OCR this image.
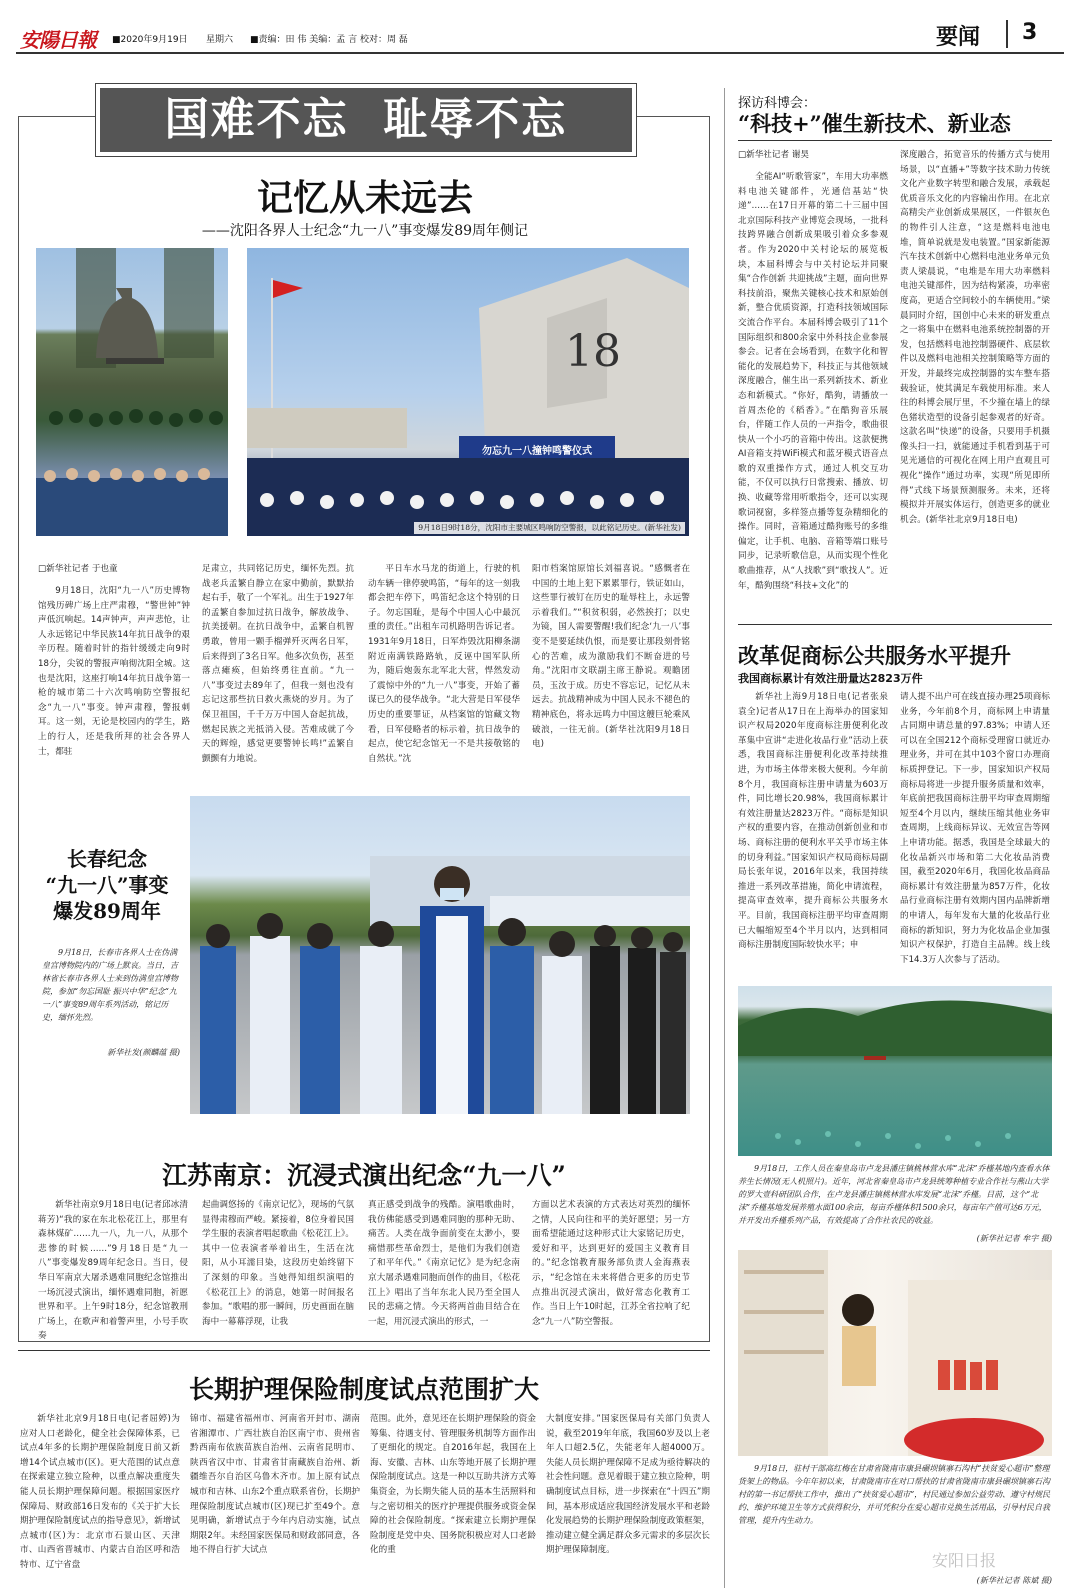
安陽日報 ■2020年9月19日 星期六 ■责编：田 伟 美编：孟 言 校对：周 磊	要闻 3
国难不忘  耻辱不忘
记忆从未远去
——沈阳各界人士纪念“九一八”事变爆发89周年侧记
18
勿忘九一八撞钟鸣警仪式
9月18日9时18分，沈阳市主要城区鸣响防空警报，以此铭记历史。(新华社发)
□新华社记者 于也童
9月18日，沈阳“九一八”历史博物馆残历碑广场上庄严肃穆，“警世钟”钟声低沉响起。14声钟声，声声悲怆，让人永远铭记中华民族14年抗日战争的艰辛历程。随着时针的指针缓缓走向9时18分，尖锐的警报声响彻沈阳全城。这也是沈阳，这座打响14年抗日战争第一枪的城市第二十六次鸣响防空警报纪念“九一八”事变。钟声肃穆，警报刺耳。这一刻，无论是校园内的学生，路上的行人，还是我所拜的社会各界人士，都驻
足肃立，共同铭记历史，缅怀先烈。抗战老兵孟繁自静立在家中勤前，默默抬起右手，敬了一个军礼。出生于1927年的孟繁自参加过抗日战争，解放战争、抗美援朝。在抗日战争中，孟繁自机智勇敢，曾用一颗手榴弹歼灭两名日军，后来得到了3名日军。他多次负伤，甚至落点瘫痪，但始终勇往直前。“九一八”事变过去89年了，但我一刻也没有忘记这那些抗日救火燕烧的岁月。为了保卫祖国，千千万万中国人奋起抗战，燃起民族之光抵消入侵。苦难成就了今天的辉煌，感觉更要警钟长鸣!”孟繁自颤颤有力地说。
平日车水马龙的街道上，行驶的机动车辆一律停驶鸣笛，“每年的这一刻我都会把车停下，鸣笛纪念这个特别的日子。勿忘国耻，是每个中国人心中最沉重的责任。”出租车司机路明告诉记者。1931年9月18日，日军炸毁沈阳柳条湖附近南满铁路路轨，反诬中国军队所为，随后炮轰东北军北大营，悍然发动了震惊中外的“九一八”事变，开始了蓄谋已久的侵华战争。“北大营是日军侵华历史的重要罪证，从档案馆的馆藏文物看，日军侵略者的标示着，抗日战争的起点，使它纪念馆无一不是共接敬铭的自然状。”沈
阳市档案馆原馆长刘福喜说。“感慨者在中国的土地上犯下累累罪行，铁证如山，这些罪行被钉在历史的耻辱柱上，永远警示着我们。”“积贫积弱，必然挨打；以史为镜，国人需要警醒!我们纪念‘九一八’事变不是要延续仇恨，而是要让那段刻骨铭心的苦难，成为激励我们不断奋进的号角。”沈阳市文联副主席王静说。观瞻团员，玉汝于成。历史不容忘记，记忆从未远去。抗战精神成为中国人民永不褪色的精神底色，将永远鸣力中国这艘巨轮乘风破浪，一往无前。(新华社沈阳9月18日电)
长春纪念
“九一八”事变
爆发89周年
9月18日，长春市各界人士在伪满皇宫博物院内的广场上默哀。当日，吉林省长春市各界人士来到伪满皇宫博物院，参加“勿忘国耻 振兴中华”纪念“九一八”事变89周年系列活动，铭记历史，缅怀先烈。
新华社发(颜麟蕴 摄)
江苏南京：沉浸式演出纪念“九一八”
新华社南京9月18日电(记者邱冰清 蒋芳)“我的家在东北松花江上，那里有森林煤矿……九一八，九一八，从那个悲惨的时候……”9月18日是“九一八”事变爆发89周年纪念日。当日，侵华日军南京大屠杀遇难同胞纪念馆推出一场沉浸式演出，缅怀遇难同胞，祈愿世界和平。上午9时18分，纪念馆教刑广场上，在歌声和着警声里，小号手吹奏
起曲调悠扬的《南京记忆》，现场的气氛显得肃穆而严峻。紧接着，8位身着民国学生服的表演者唱起歌曲《松花江上》。其中一位表演者举着出生，生活在沈阳，从小耳濡目染，这段历史始终留下了深刻的印象。当她得知组织演唱的《松花江上》的消息，她第一时间报名参加。“歌唱的那一瞬间，历史画面在脑海中一幕幕浮现，让我
真正感受到战争的残酷。演唱歌曲时，我仿佛能感受到遇难同胞的那种无助、痛苦。人类在战争面前变在太渺小，要痛惜那些革命烈士，是他们为我们创造了和平年代。”《南京记忆》是为纪念南京大屠杀遇难同胞而创作的曲目，《松花江上》唱出了当年东北人民乃至全国人民的悲痛之情。今天将两首曲目结合在一起，用沉浸式演出的形式，一
方面以艺术表演的方式表达对英烈的缅怀之情，人民向往和平的美好愿望；另一方面希望能通过这种形式让大家铭记历史，爱好和平，达到更好的爱国主义教育目的。”纪念馆教育服务部负责人金海燕表示，“纪念馆在未来将借合更多的历史节点推出沉浸式演出，做好常态化教育工作。当日上午10时起，江苏全省拉响了纪念“九一八”防空警报。
长期护理保险制度试点范围扩大
新华社北京9月18日电(记者屈婷)为应对人口老龄化，健全社会保障体系，已试点4年多的长期护理保险制度日前又新增14个试点城市(区)。更大范围的试点意在探索建立独立险种，以重点解决重度失能人员长期护理保障问题。根据国家医疗保障局、财政部16日发布的《关于扩大长期护理保险制度试点的指导意见》，新增试点城市(区)为：北京市石景山区、天津市、山西省晋城市、内蒙古自治区呼和浩特市、辽宁省盘
锦市、福建省福州市、河南省开封市、湖南省湘潭市、广西壮族自治区南宁市、贵州省黔西南布依族苗族自治州、云南省昆明市、陕西省汉中市、甘肃省甘南藏族自治州、新疆维吾尔自治区乌鲁木齐市。加上原有试点城市和吉林、山东2个重点联系省份，长期护理保险制度试点城市(区)现已扩至49个。意见明确，新增试点于今年内启动实施，试点期限2年。未经国家医保局和财政部同意，各地不得自行扩大试点
范围。此外，意见还在长期护理保险的资金筹集、待遇支付、管理服务机制等方面作出了更细化的规定。自2016年起，我国在上海、安徽、吉林、山东等地开展了长期护理保险制度试点。这是一种以互助共济方式筹集资金，为长期失能人员的基本生活照料和与之密切相关的医疗护理提供服务或资金保障的社会保险制度。“探索建立长期护理保险制度是党中央、国务院积极应对人口老龄化的重
大制度安排。”国家医保局有关部门负责人说，截至2019年年底，我国60岁及以上老年人口超2.5亿，失能老年人超4000万。失能人员长期护理保障不足成为亟待解决的社会性问题。意见着眼于建立独立险种，明确制度试点目标，进一步探索在“十四五”期间，基本形成适应我国经济发展水平和老龄化发展趋势的长期护理保险制度政策框架，推动建立健全满足群众多元需求的多层次长期护理保障制度。
探访科博会：
“科技+”催生新技术、新业态
□新华社记者 谢昊
全能AI“听歌管家”，车用大功率燃料电池关键部件，光通信基站“快递”……在17日开幕的第二十三届中国北京国际科技产业博览会现场，一批科技跨界融合创新成果吸引着众多参观者。作为2020中关村论坛的展览板块，本届科博会与中关村论坛并同聚集“合作创新 共迎挑战”主题，面向世界科技前沿，聚焦关键核心技术和原始创新，整合优质资源，打造科技领域国际交流合作平台。本届科博会吸引了11个国际组织和800余家中外科技企业参展参会。记者在会场看到，在数字化和智能化的发展趋势下，科技正与其他领域深度融合，催生出一系列新技术、新业态和新模式。“你好，酷狗，请播放一首周杰伦的《稻香》。”在酷狗音乐展台，伴随工作人员的一声指令，歌曲很快从一个小巧的音箱中传出。这款便携AI音箱支持WiFi模式和蓝牙模式语音点歌的双重操作方式，通过人机交互功能，不仅可以执行日常搜索、播放、切换、收藏等常用听歌指令，还可以实现歌词视窗，多样签点播等复杂精细化的操作。同时，音箱通过酷狗账号的多维偏定，让手机、电脑、音箱等端口账号同步，记录听歌信息，从而实现个性化歌曲推荐，从“人找歌”到“歌找人”。近年，酷狗围绕“科技+文化”的
深度融合，拓宽音乐的传播方式与使用场景，以“直播+”等数字技术助力传统文化产业数字转型和融合发展，承载起优质音乐文化的内容输出作用。在北京高精尖产业创新成果展区，一件银灰色的物件引人注意，“这是燃料电池电堆，简单说就是发电装置。”国家新能源汽车技术创新中心燃料电池业务单元负责人梁晨说，“电堆是车用大功率燃料电池关键部件，因为结构紧凑，功率密度高，更适合空间较小的车辆使用。”梁晨同时介绍，国创中心未来的研发重点之一将集中在燃料电池系统控制器的开发，包括燃料电池控制器硬件、底层软件以及燃料电池相关控制策略等方面的开发，并最终完成控制器的实车整车搭载验证，使其满足车载使用标准。来人往的科博会展厅里，不少撞在墙上的绿色猪状造型的设备引起参观者的好奇。这款名叫“快递”的设备，只要用手机摄像头扫一扫，就能通过手机看到基于可见光通信的可视化在网上用户直观且可视化“操作”通过功率，实现“所见即所得”式线下场景预测服务。未来，还将模拟并开展实体运行，创造更多的就业机会。(新华社北京9月18日电)
改革促商标公共服务水平提升
我国商标累计有效注册量达2823万件
新华社上海9月18日电(记者张泉 袁全)记者从17日在上海举办的国家知识产权局2020年度商标注册便利化改革集中宣讲“走进化妆品行业”活动上获悉，我国商标注册便利化改革持续推进，为市场主体带来极大便利。今年前8个月，我国商标注册申请量为603万件，同比增长20.98%，我国商标累计有效注册量达2823万件。“商标是知识产权的重要内容，在推动创新创业和市场、商标注册的便利水平关乎市场主体的切身利益。”国家知识产权局商标局副局长张年说，2016年以来，我国持续推进一系列改革措施，简化申请流程，提高审查效率，提升商标公共服务水平。目前，我国商标注册平均审查周期已大幅缩短至4个半月以内，达到相同商标注册制度国际较快水平；申
请人提不出户可在线直接办理25项商标业务，今年前8个月，商标网上申请量占同期申请总量的97.83%；申请人还可以在全国212个商标受理窗口就近办理业务，并可在其中103个窗口办理商标质押登记。下一步，国家知识产权局商标局将进一步提升服务质量和效率，年底前把我国商标注册平均审查周期缩短至4个月以内，继续压缩其他业务审查周期，上线商标异议、无效宣告等网上申请功能。据悉，我国是全球最大的化妆品新兴市场和第二大化妆品消费国，截至2020年6月，我国化妆品商品商标累计有效注册量为857万件，化妆品行业商标注册有效期内国内品牌新增的申请人，每年发布大量的化妆品行业商标的新知识，努力为化妆品企业加强知识产权保护，打造自主品牌。线上线下14.3万人次参与了活动。
9月18日，工作人员在秦皇岛市卢龙县潘庄镇桃林营水库“北沫”乔槿基地内查看水体养生长情况(无人机照片)。近年，河北省秦皇岛市卢龙县统筹种植专业合作社与燕山大学的罗大壹科研团队合作，在卢龙县潘庄镇桃林营水库发展“北沫”乔槿。目前，这个“北沫”乔槿基地发展养殖水面100余亩，每亩乔槿体积1500余只，每亩年产值可达6万元，并开发出乔槿系列产品，有效提高了合作社农民的收益。
(新华社记者 牟宇 摄)
9月18日，驻村干部高红梅在甘肃省陇南市康县碾坝镇寨石沟村“扶贫爱心超市”整理货架上的物品。今年年初以来，甘肃陇南市在对口帮扶的甘肃省陇南市康县碾坝镇寨石沟村的第一书记帮扶工作中，推出了“扶贫爱心超市”，村民通过参加公益劳动、遵守村规民约、维护环境卫生等方式获得积分，并可凭积分在爱心超市兑换生活用品，引导村民自我管理，提升内生动力。
(新华社记者 陈斌 摄)
安阳日报
